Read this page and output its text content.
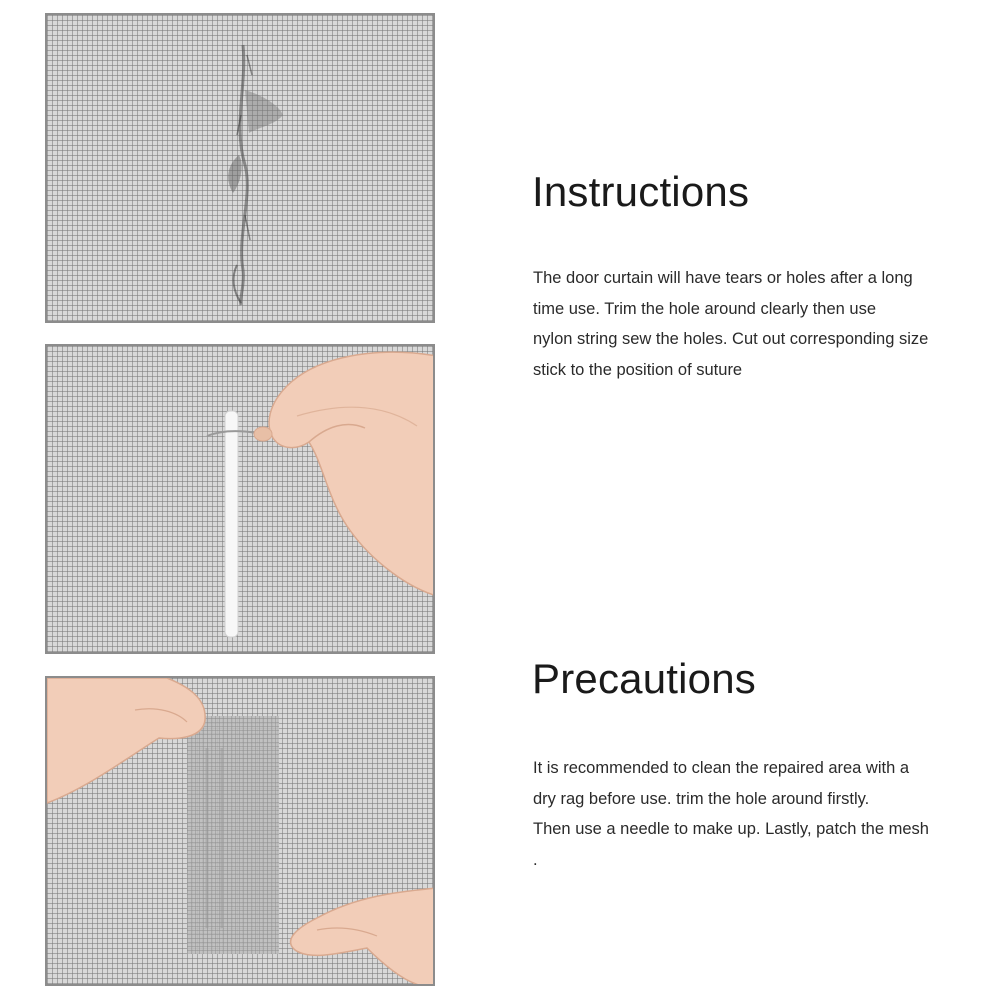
Instructions
The door curtain will have tears or holes after a long
time use. Trim the hole around clearly then use
nylon string sew the holes. Cut out corresponding size
stick to the position of suture
Precautions
It is recommended to clean the repaired area with a
dry rag before use. trim the hole around firstly.
Then use a needle to make up. Lastly, patch the mesh
.
